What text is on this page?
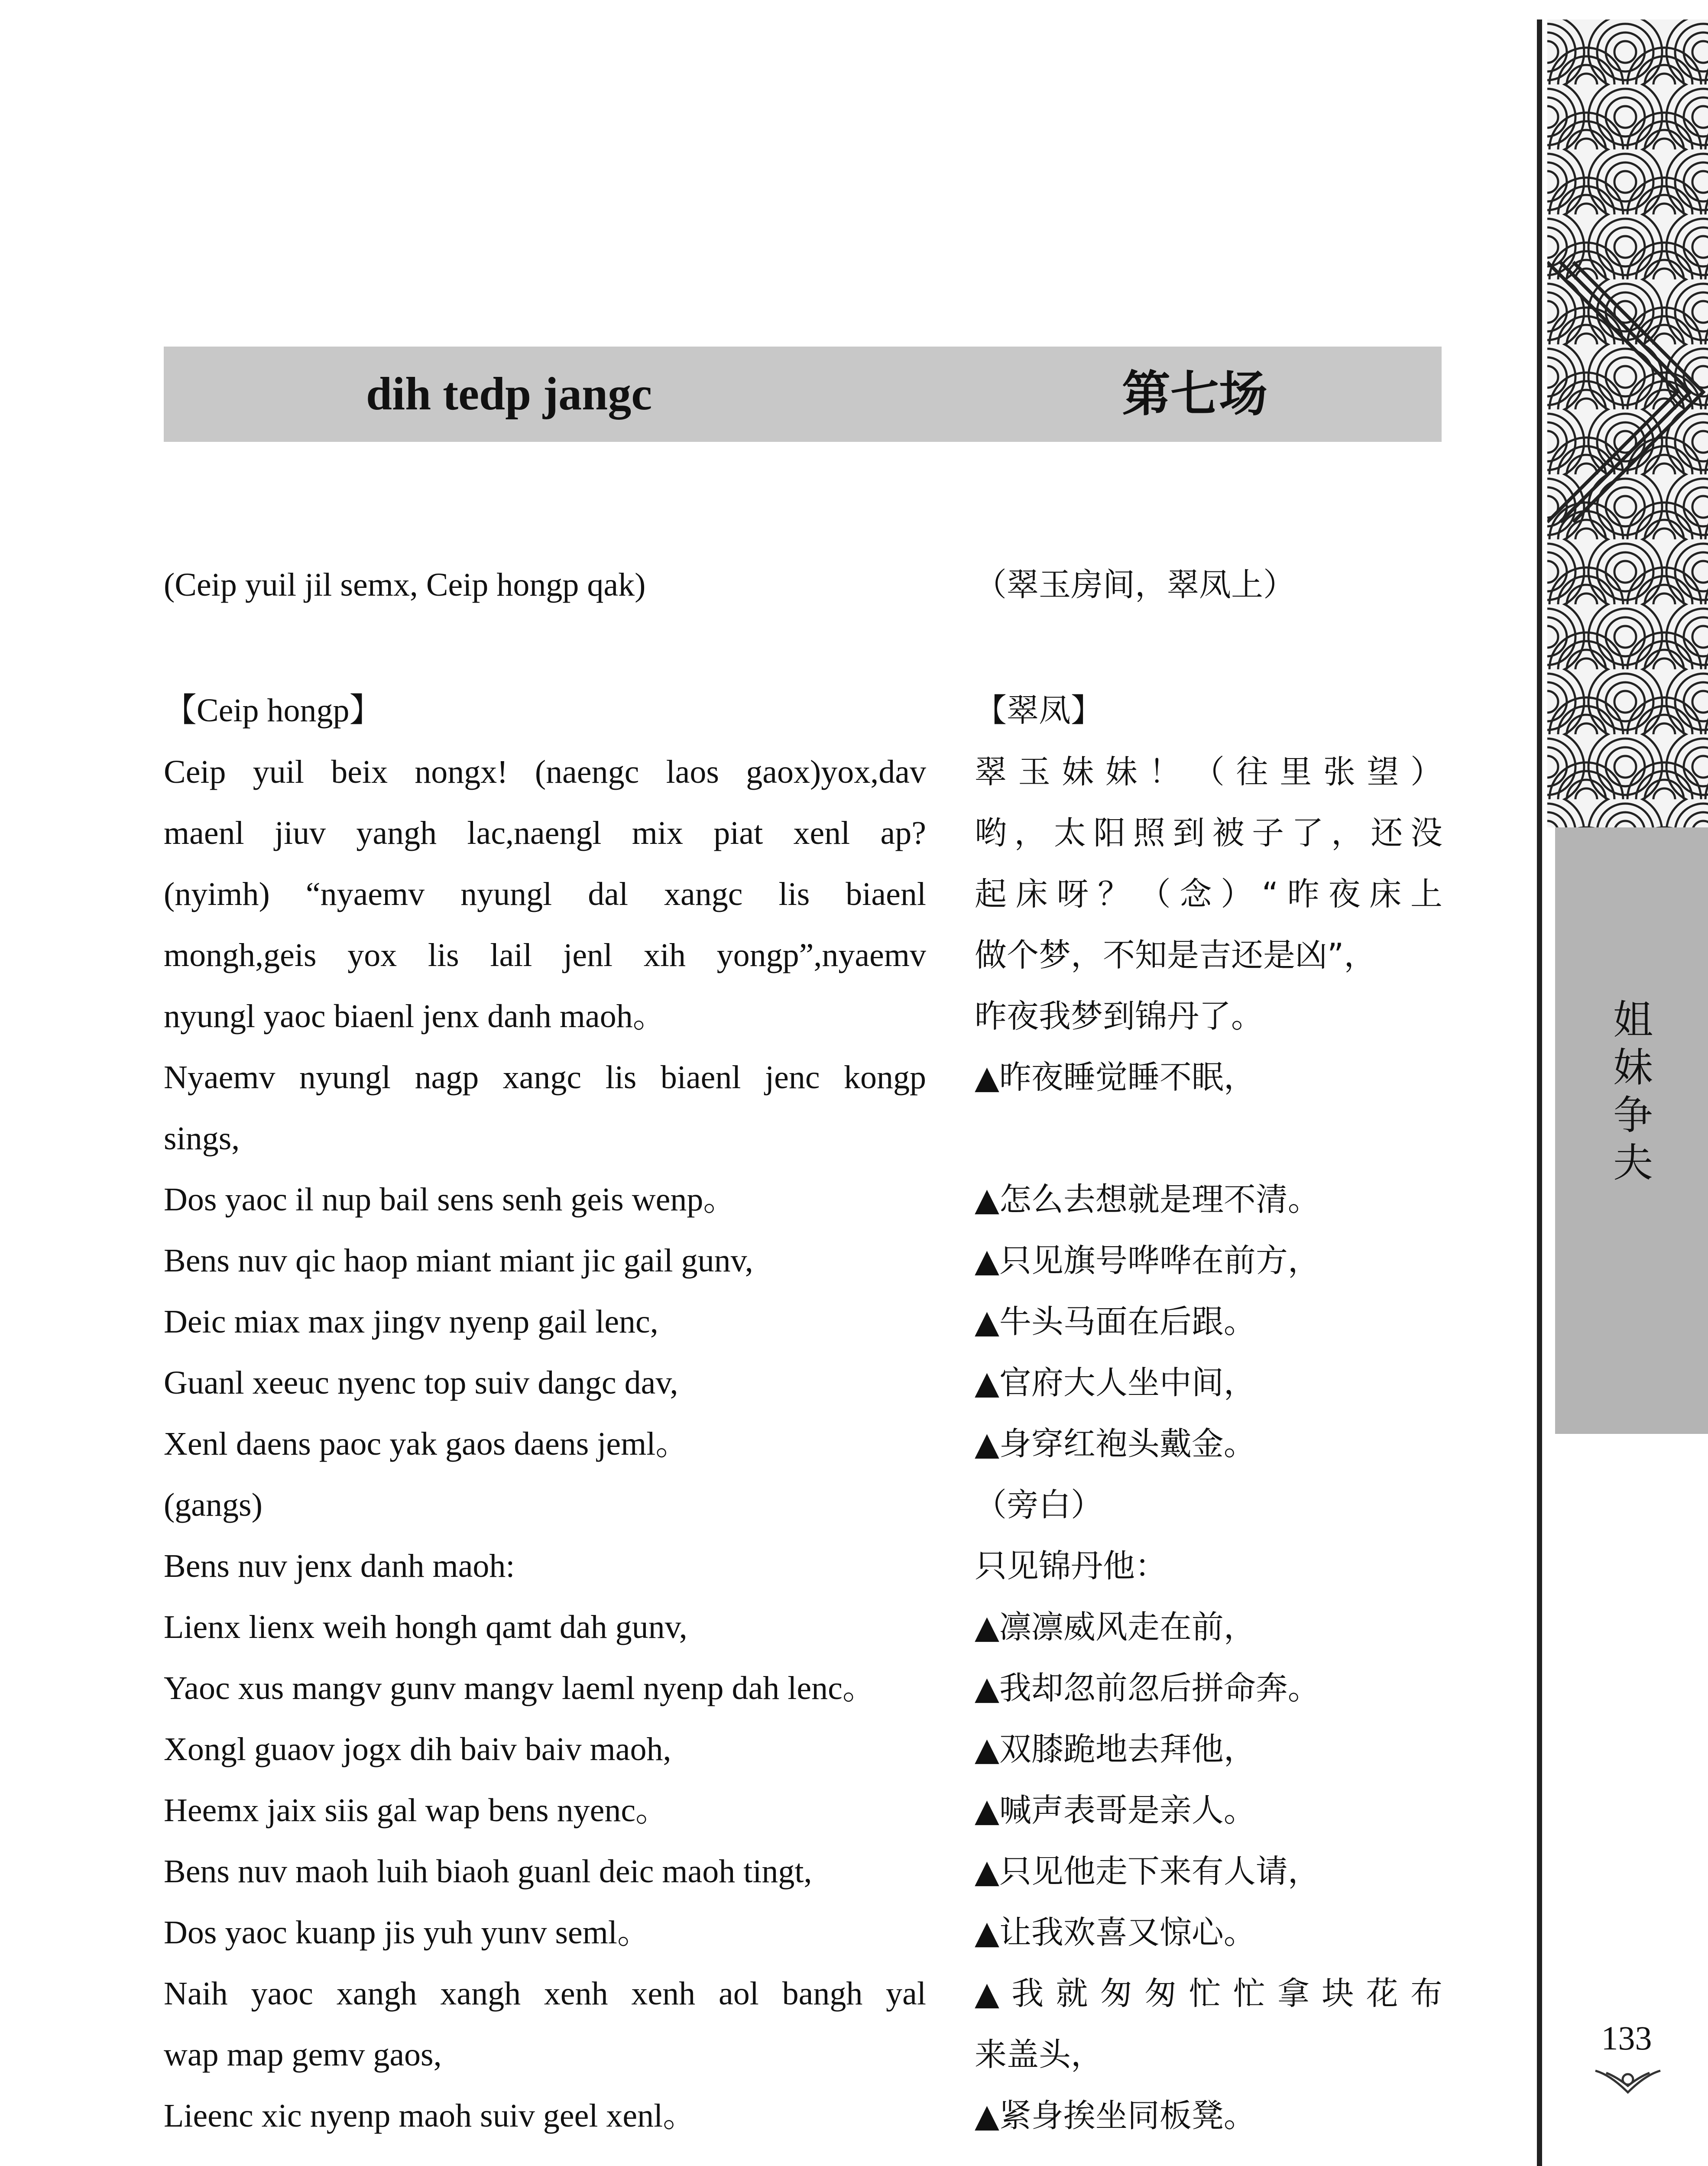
姐
妹
争
夫
133
dih tedp jangc	第七场
(Ceip yuil jil semx, Ceip hongp qak)
【Ceip hongp】
Ceip yuil beix nongx! (naengc laos gaox)yox,dav
maenl jiuv yangh lac,naengl mix piat xenl ap?
(nyimh) “nyaemv nyungl dal xangc lis biaenl
mongh,geis yox lis lail jenl xih yongp”,nyaemv
nyungl yaoc biaenl jenx danh maoh。
Nyaemv nyungl nagp xangc lis biaenl jenc kongp
sings,
Dos yaoc il nup bail sens senh geis wenp。
Bens nuv qic haop miant miant jic gail gunv,
Deic miax max jingv nyenp gail lenc,
Guanl xeeuc nyenc top suiv dangc dav,
Xenl daens paoc yak gaos daens jeml。
(gangs)
Bens nuv jenx danh maoh:
Lienx lienx weih hongh qamt dah gunv,
Yaoc xus mangv gunv mangv laeml nyenp dah lenc。
Xongl guaov jogx dih baiv baiv maoh,
Heemx jaix siis gal wap bens nyenc。
Bens nuv maoh luih biaoh guanl deic maoh tingt,
Dos yaoc kuanp jis yuh yunv seml。
Naih yaoc xangh xangh xenh xenh aol bangh yal
wap map gemv gaos,
Lieenc xic nyenp maoh suiv geel xenl。
（翠玉房间，翠凤上）
【翠凤】
翠玉妹妹！（往里张望）
哟，太阳照到被子了，还没
起床呀？（念）“昨夜床上
做个梦，不知是吉还是凶”，
昨夜我梦到锦丹了。
▲昨夜睡觉睡不眠，
▲怎么去想就是理不清。
▲只见旗号哗哗在前方，
▲牛头马面在后跟。
▲官府大人坐中间，
▲身穿红袍头戴金。
（旁白）
只见锦丹他：
▲凛凛威风走在前，
▲我却忽前忽后拼命奔。
▲双膝跪地去拜他，
▲喊声表哥是亲人。
▲只见他走下来有人请，
▲让我欢喜又惊心。
▲我就匆匆忙忙拿块花布
来盖头，
▲紧身挨坐同板凳。
